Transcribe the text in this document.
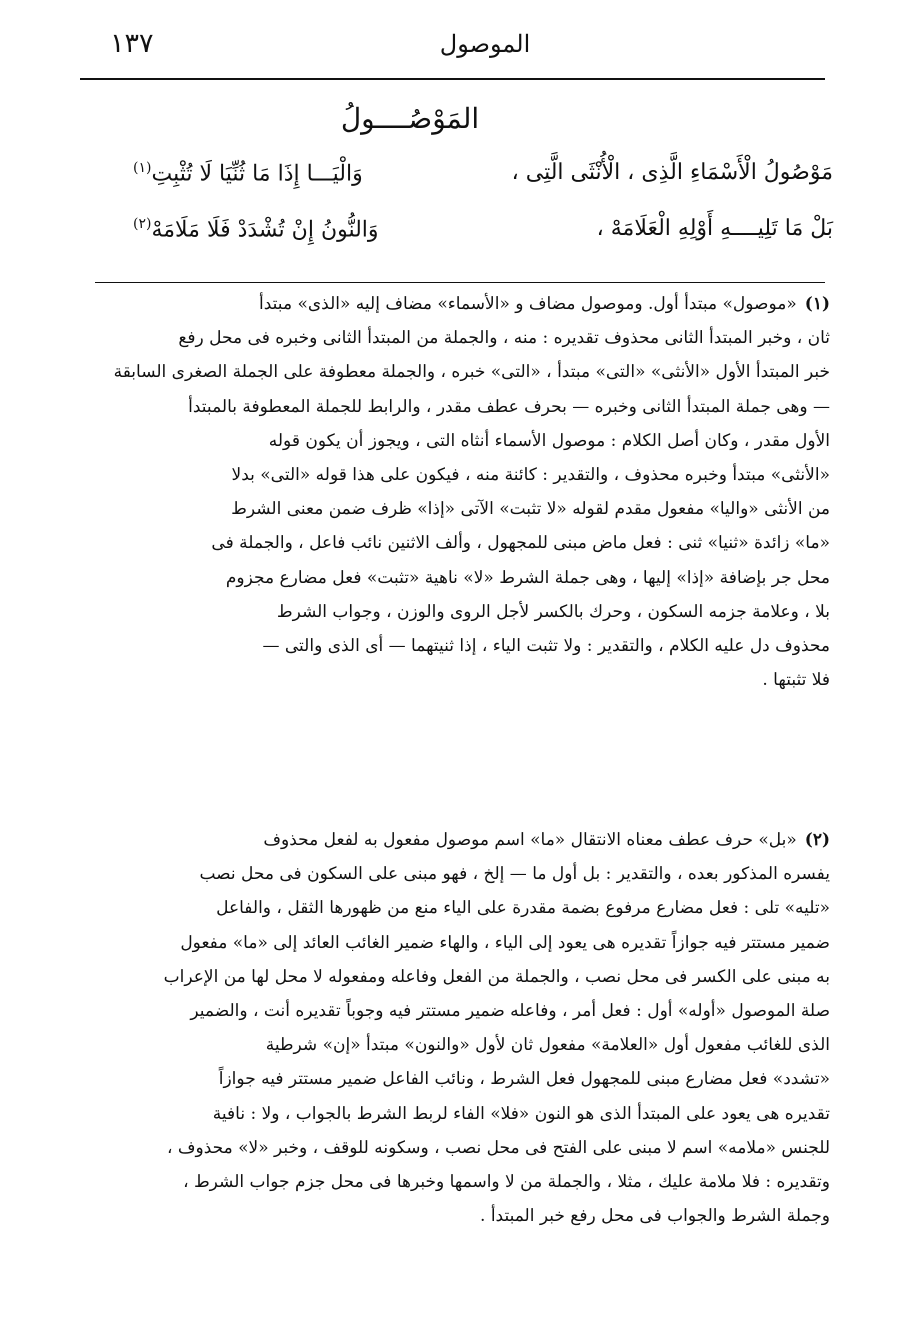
الموصول
١٣٧
المَوْصُــــولُ
مَوْصُولُ الْأَسْمَاءِ الَّذِى ، الْأُنْثَى الَّتِى ،
وَالْيَـــا إِذَا مَا ثُنِّيَا لَا تُثْبِتِ$^{(١)}$
بَلْ مَا تَلِيــــهِ أَوْلِهِ الْعَلَامَهْ ،
وَالنُّونُ إِنْ تُشْدَدْ فَلَا مَلَامَهْ$^{(٢)}$
(١)«موصول» مبتدأ أول. وموصول مضاف و «الأسماء» مضاف إليه «الذى» مبتدأ
ثان ، وخبر المبتدأ الثانى محذوف تقديره : منه ، والجملة من المبتدأ الثانى وخبره فى محل رفع
خبر المبتدأ الأول «الأنثى» «التى» مبتدأ ، «التى» خبره ، والجملة معطوفة على الجملة الصغرى السابقة
— وهى جملة المبتدأ الثانى وخبره — بحرف عطف مقدر ، والرابط للجملة المعطوفة بالمبتدأ
الأول مقدر ، وكان أصل الكلام : موصول الأسماء أنثاه التى ، ويجوز أن يكون قوله
«الأنثى» مبتدأ وخبره محذوف ، والتقدير : كائنة منه ، فيكون على هذا قوله «التى» بدلا
من الأنثى «واليا» مفعول مقدم لقوله «لا تثبت» الآتى «إذا» ظرف ضمن معنى الشرط
«ما» زائدة «ثنيا» ثنى : فعل ماض مبنى للمجهول ، وألف الاثنين نائب فاعل ، والجملة فى
محل جر بإضافة «إذا» إليها ، وهى جملة الشرط «لا» ناهية «تثبت» فعل مضارع مجزوم
بلا ، وعلامة جزمه السكون ، وحرك بالكسر لأجل الروى والوزن ، وجواب الشرط
محذوف دل عليه الكلام ، والتقدير : ولا تثبت الياء ، إذا ثنيتهما — أى الذى والتى —
فلا تثبتها .
(٢)«بل» حرف عطف معناه الانتقال «ما» اسم موصول مفعول به لفعل محذوف
يفسره المذكور بعده ، والتقدير : بل أول ما — إلخ ، فهو مبنى على السكون فى محل نصب
«تليه» تلى : فعل مضارع مرفوع بضمة مقدرة على الياء منع من ظهورها الثقل ، والفاعل
ضمير مستتر فيه جوازاً تقديره هى يعود إلى الياء ، والهاء ضمير الغائب العائد إلى «ما» مفعول
به مبنى على الكسر فى محل نصب ، والجملة من الفعل وفاعله ومفعوله لا محل لها من الإعراب
صلة الموصول «أوله» أول : فعل أمر ، وفاعله ضمير مستتر فيه وجوباً تقديره أنت ، والضمير
الذى للغائب مفعول أول «العلامة» مفعول ثان لأول «والنون» مبتدأ «إن» شرطية
«تشدد» فعل مضارع مبنى للمجهول فعل الشرط ، ونائب الفاعل ضمير مستتر فيه جوازاً
تقديره هى يعود على المبتدأ الذى هو النون «فلا» الفاء لربط الشرط بالجواب ، ولا : نافية
للجنس «ملامه» اسم لا مبنى على الفتح فى محل نصب ، وسكونه للوقف ، وخبر «لا» محذوف ،
وتقديره : فلا ملامة عليك ، مثلا ، والجملة من لا واسمها وخبرها فى محل جزم جواب الشرط ،
وجملة الشرط والجواب فى محل رفع خبر المبتدأ .
